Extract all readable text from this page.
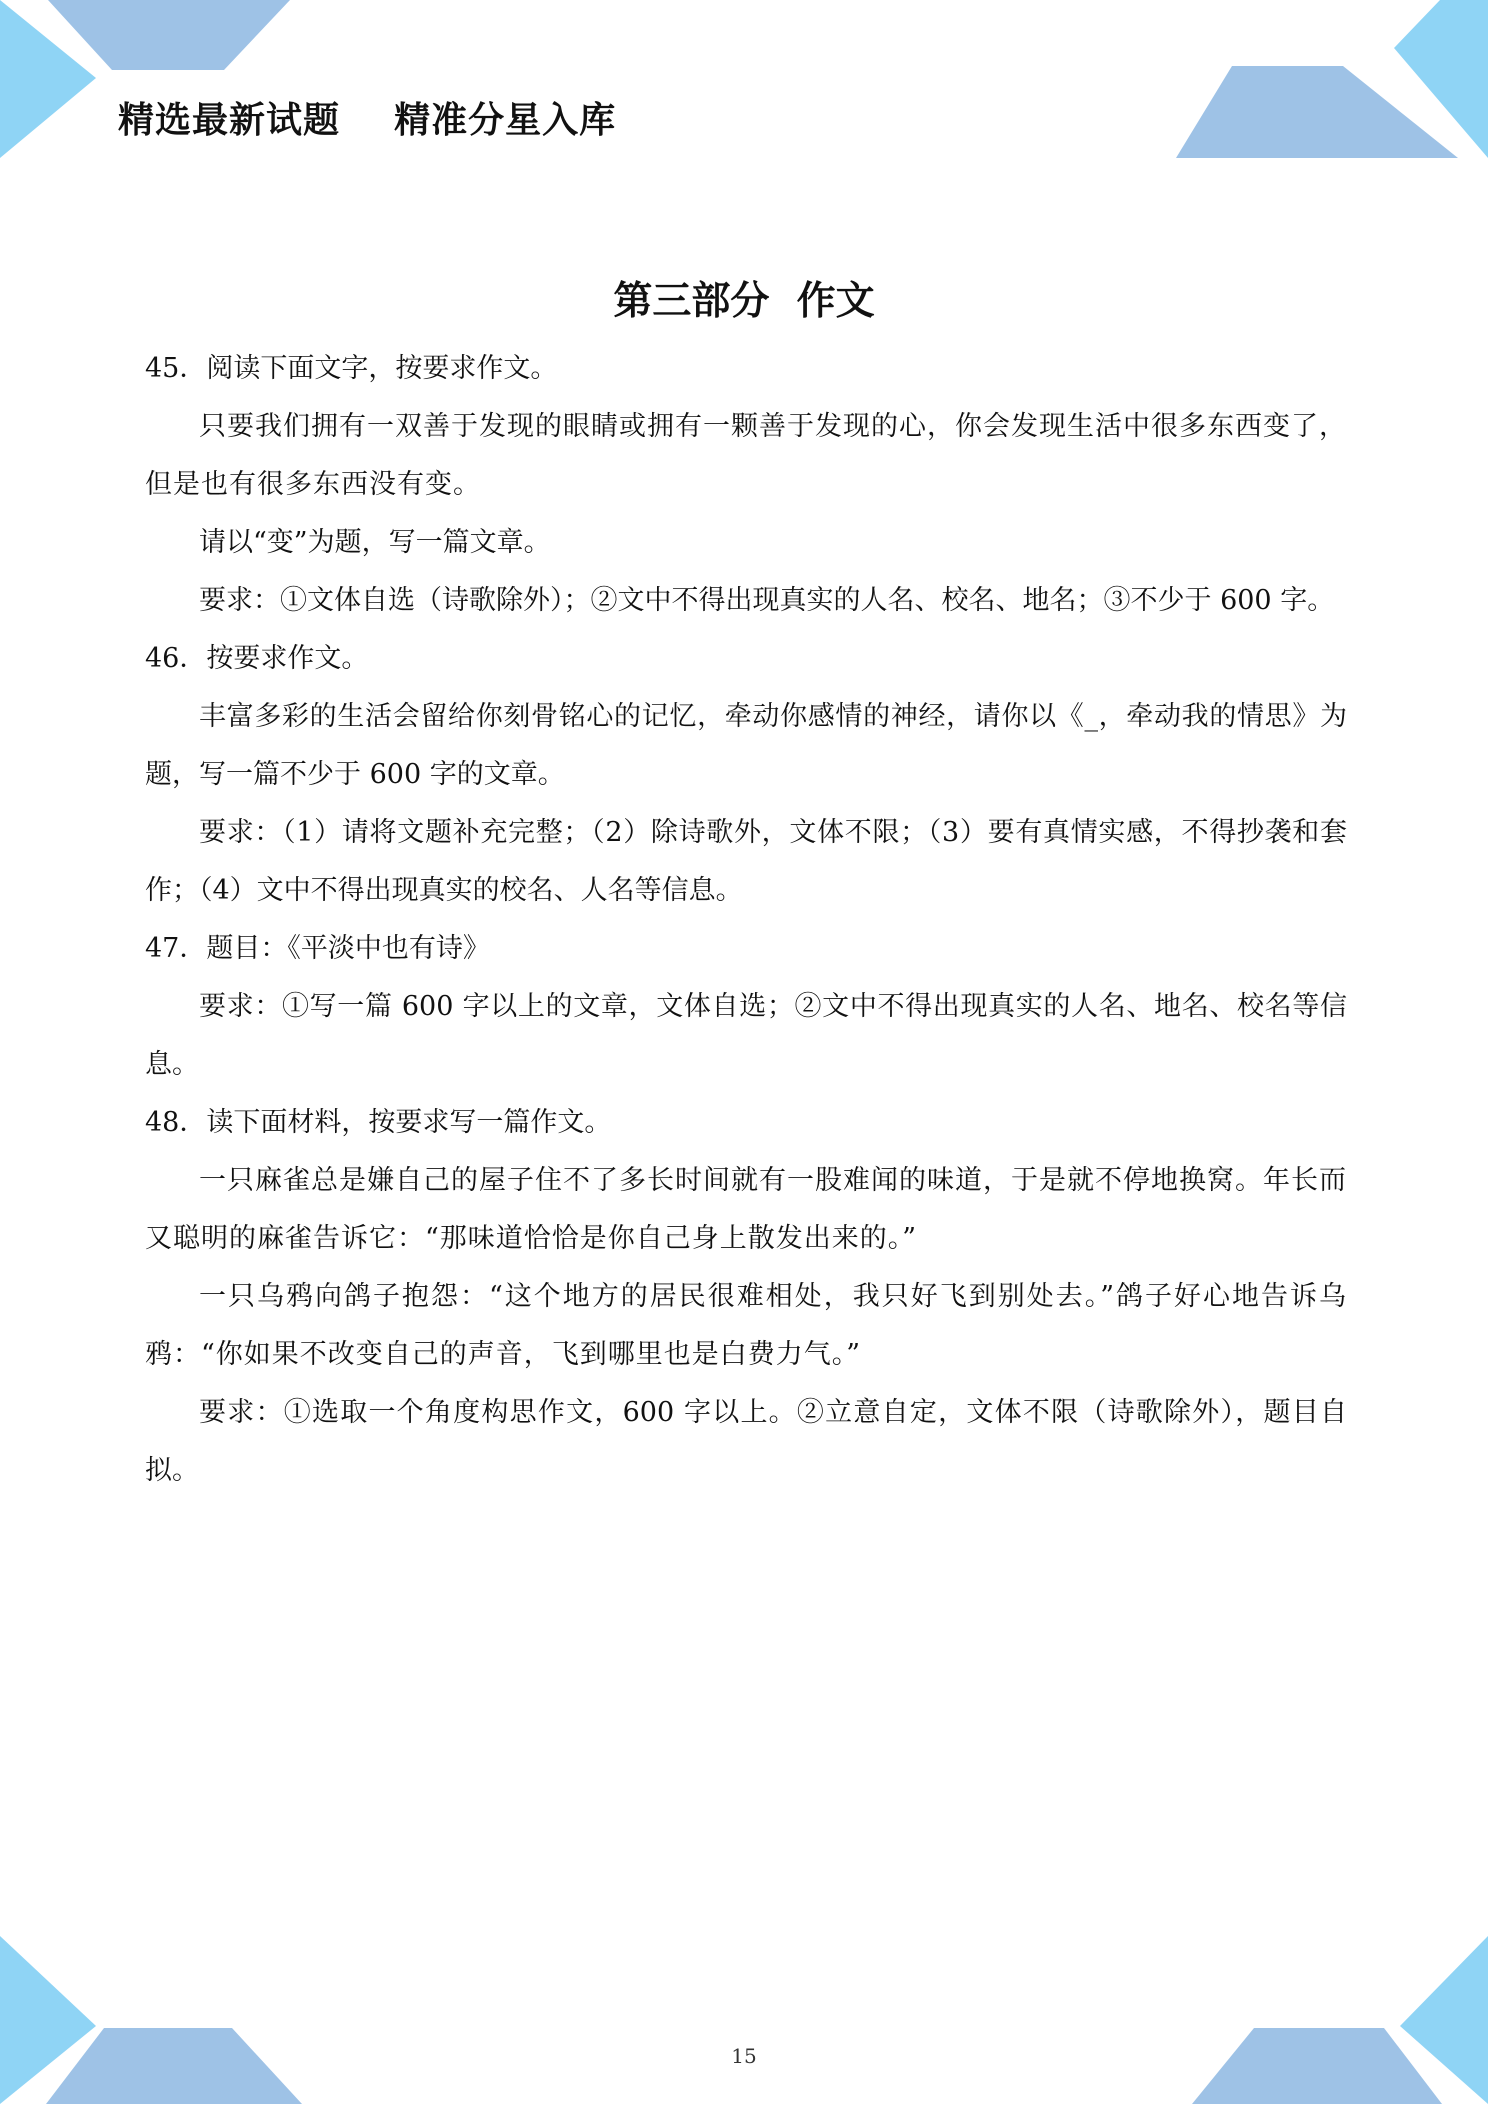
精选最新试题    精准分星入库
第三部分  作文

45．阅读下面文字，按要求作文。

只要我们拥有一双善于发现的眼睛或拥有一颗善于发现的心，你会发现生活中很多东西变了，但是也有很多东西没有变。

请以“变”为题，写一篇文章。

要求：①文体自选（诗歌除外）；②文中不得出现真实的人名、校名、地名；③不少于 600 字。

46．按要求作文。

丰富多彩的生活会留给你刻骨铭心的记忆，牵动你感情的神经，请你以《_，牵动我的情思》为题，写一篇不少于 600 字的文章。

要求：（1）请将文题补充完整；（2）除诗歌外，文体不限；（3）要有真情实感，不得抄袭和套作；（4）文中不得出现真实的校名、人名等信息。

47．题目：《平淡中也有诗》

要求：①写一篇 600 字以上的文章，文体自选；②文中不得出现真实的人名、地名、校名等信息。

48．读下面材料，按要求写一篇作文。

一只麻雀总是嫌自己的屋子住不了多长时间就有一股难闻的味道，于是就不停地换窝。年长而又聪明的麻雀告诉它：“那味道恰恰是你自己身上散发出来的。”

一只乌鸦向鸽子抱怨：“这个地方的居民很难相处，我只好飞到别处去。”鸽子好心地告诉乌鸦：“你如果不改变自己的声音，飞到哪里也是白费力气。”

要求：①选取一个角度构思作文，600 字以上。②立意自定，文体不限（诗歌除外），题目自拟。

15
